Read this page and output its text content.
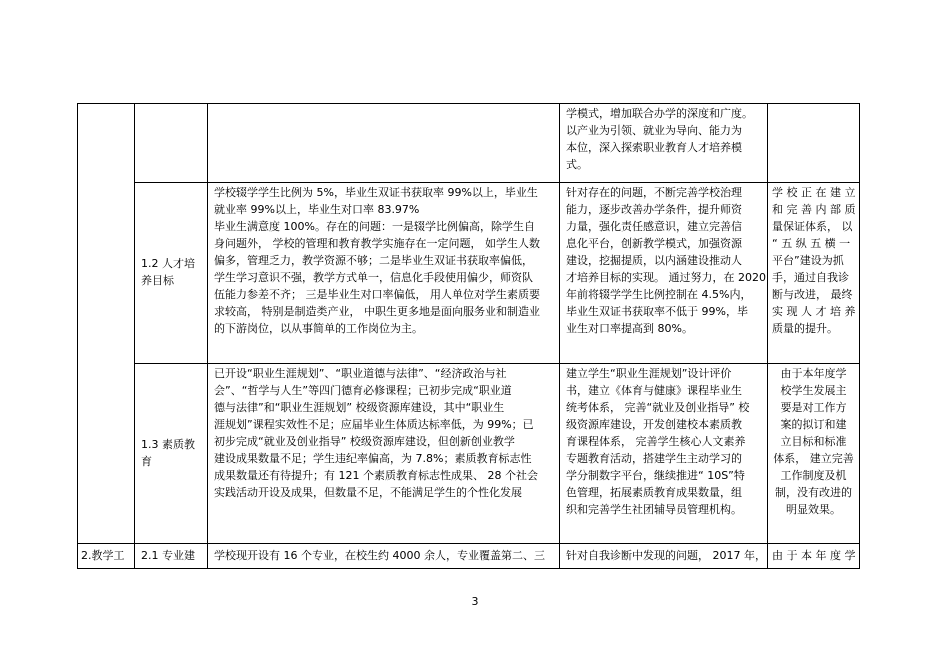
学模式，增加联合办学的深度和广度。
以产业为引领、就业为导向、能力为
本位，深入探索职业教育人才培养模
式。
1.2 人才培
养目标
学校辍学学生比例为 5%，毕业生双证书获取率 99%以上，毕业生
就业率 99%以上，毕业生对口率 83.97%
毕业生满意度 100%。存在的问题：一是辍学比例偏高，除学生自
身问题外， 学校的管理和教育教学实施存在一定问题， 如学生人数
偏多，管理乏力，教学资源不够；二是毕业生双证书获取率偏低，
学生学习意识不强，教学方式单一，信息化手段使用偏少，师资队
伍能力参差不齐； 三是毕业生对口率偏低， 用人单位对学生素质要
求较高， 特别是制造类产业， 中职生更多地是面向服务业和制造业
的下游岗位，以从事简单的工作岗位为主。
针对存在的问题，不断完善学校治理
能力，逐步改善办学条件，提升师资
力量，强化责任感意识，建立完善信
息化平台，创新教学模式，加强资源
建设，挖掘提质，以内涵建设推动人
才培养目标的实现。 通过努力，在 2020
年前将辍学学生比例控制在 4.5%内，
毕业生双证书获取率不低于 99%，毕
业生对口率提高到 80%。
学 校 正 在 建 立
和 完 善 内 部 质
量保证体系， 以
“ 五 纵 五 横 一
平台”建设为抓
手，通过自我诊
断与改进， 最终
实 现 人 才 培 养
质量的提升。
1.3 素质教
育
已开设“职业生涯规划”、“职业道德与法律”、“经济政治与社
会”、“哲学与人生”等四门德育必修课程；已初步完成“职业道
德与法律”和“职业生涯规划” 校级资源库建设，其中“职业生
涯规划”课程实效性不足；应届毕业生体质达标率低，为 99%；已
初步完成“就业及创业指导” 校级资源库建设，但创新创业教学
建设成果数量不足；学生违纪率偏高，为 7.8%；素质教育标志性
成果数量还有待提升；有 121 个素质教育标志性成果、 28 个社会
实践活动开设及成果，但数量不足，不能满足学生的个性化发展
建立学生“职业生涯规划”设计评价
书，建立《体育与健康》课程毕业生
统考体系， 完善“就业及创业指导” 校
级资源库建设，开发创建校本素质教
育课程体系， 完善学生核心人文素养
专题教育活动，搭建学生主动学习的
学分制数字平台，继续推进“ 10S”特
色管理，拓展素质教育成果数量，组
织和完善学生社团辅导员管理机构。
由于本年度学
校学生发展主
要是对工作方
案的拟订和建
立目标和标准
体系， 建立完善
工作制度及机
制，没有改进的
明显效果。
2.教学工 2.1 专业建 学校现开设有 16 个专业，在校生约 4000 余人，专业覆盖第二、三 针对自我诊断中发现的问题， 2017 年， 由 于 本 年 度 学
3
